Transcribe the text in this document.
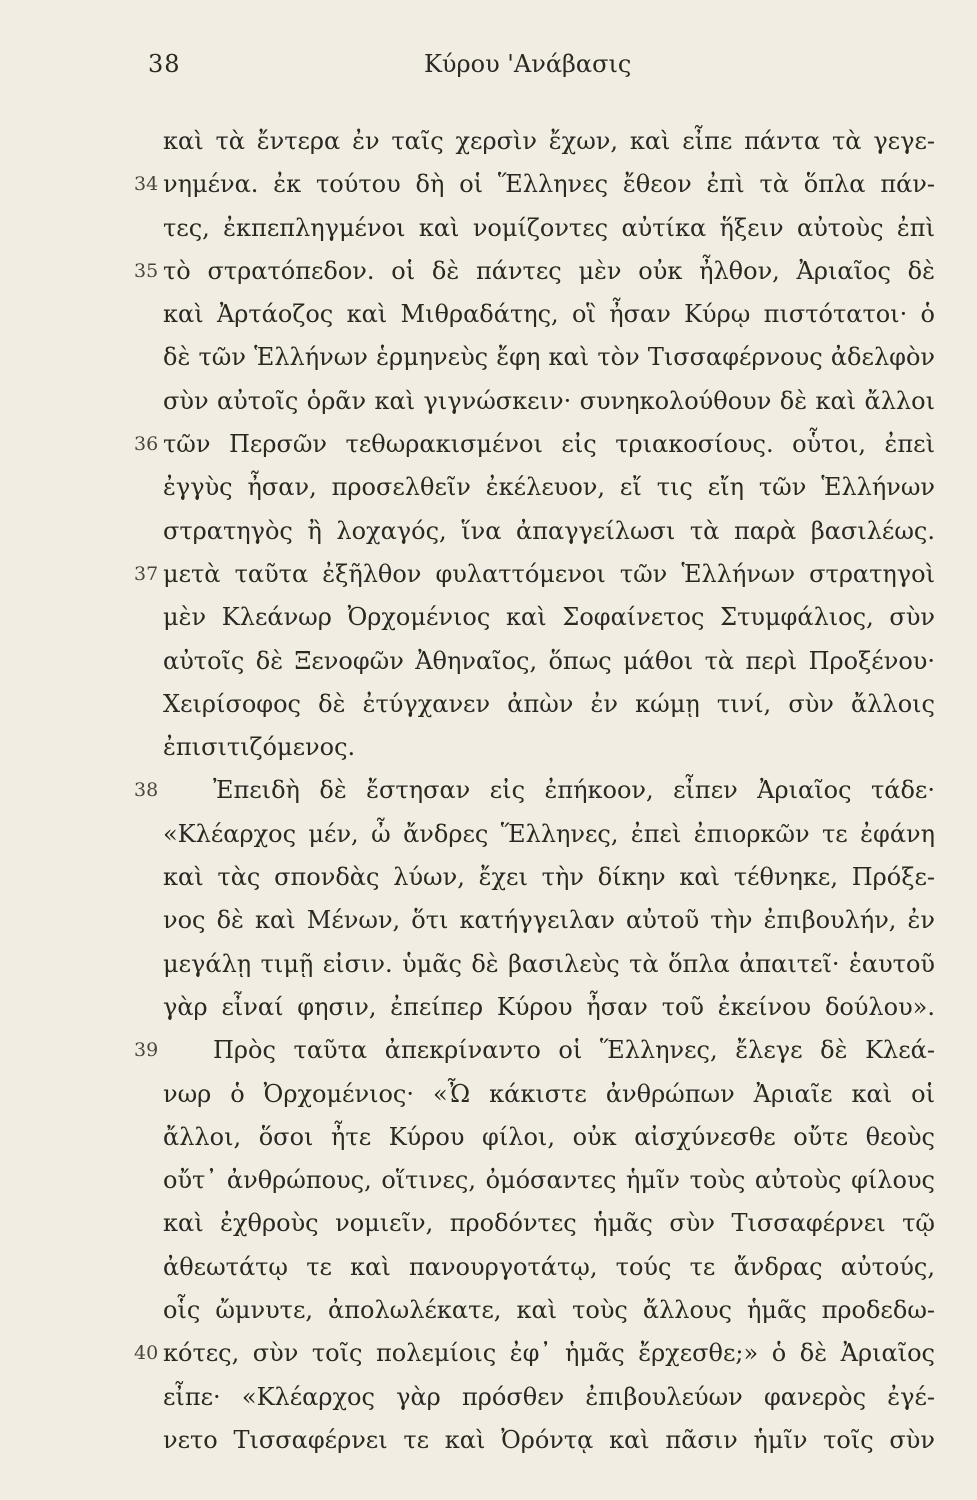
38	Κύρου 'Ανάβασις
καὶ τὰ ἔντερα ἐν ταῖς χερσὶν ἔχων, καὶ εἶπε πάντα τὰ γεγε-
34 νημένα. ἐκ τούτου δὴ οἱ Ἕλληνες ἔθεον ἐπὶ τὰ ὅπλα πάν-
τες, ἐκπεπληγμένοι καὶ νομίζοντες αὐτίκα ἥξειν αὐτοὺς ἐπὶ
35 τὸ στρατόπεδον. οἱ δὲ πάντες μὲν οὐκ ἦλθον, Ἀριαῖος δὲ
καὶ Ἀρτάοζος καὶ Μιθραδάτης, οἳ ἦσαν Κύρῳ πιστότατοι· ὁ
δὲ τῶν Ἑλλήνων ἑρμηνεὺς ἔφη καὶ τὸν Τισσαφέρνους ἀδελφὸν
σὺν αὐτοῖς ὁρᾶν καὶ γιγνώσκειν· συνηκολούθουν δὲ καὶ ἄλλοι
36 τῶν Περσῶν τεθωρακισμένοι εἰς τριακοσίους. οὗτοι, ἐπεὶ
ἐγγὺς ἦσαν, προσελθεῖν ἐκέλευον, εἴ τις εἴη τῶν Ἑλλήνων
στρατηγὸς ἢ λοχαγός, ἵνα ἀπαγγείλωσι τὰ παρὰ βασιλέως.
37 μετὰ ταῦτα ἐξῆλθον φυλαττόμενοι τῶν Ἑλλήνων στρατηγοὶ
μὲν Κλεάνωρ Ὀρχομένιος καὶ Σοφαίνετος Στυμφάλιος, σὺν
αὐτοῖς δὲ Ξενοφῶν Ἀθηναῖος, ὅπως μάθοι τὰ περὶ Προξένου·
Χειρίσοφος δὲ ἐτύγχανεν ἀπὼν ἐν κώμῃ τινί, σὺν ἄλλοις
ἐπισιτιζόμενος.
38 Ἐπειδὴ δὲ ἔστησαν εἰς ἐπήκοον, εἶπεν Ἀριαῖος τάδε·
«Κλέαρχος μέν, ὦ ἄνδρες Ἕλληνες, ἐπεὶ ἐπιορκῶν τε ἐφάνη
καὶ τὰς σπονδὰς λύων, ἔχει τὴν δίκην καὶ τέθνηκε, Πρόξε-
νος δὲ καὶ Μένων, ὅτι κατήγγειλαν αὐτοῦ τὴν ἐπιβουλήν, ἐν
μεγάλῃ τιμῇ εἰσιν. ὑμᾶς δὲ βασιλεὺς τὰ ὅπλα ἀπαιτεῖ· ἑαυτοῦ
γὰρ εἶναί φησιν, ἐπείπερ Κύρου ἦσαν τοῦ ἐκείνου δούλου».
39 Πρὸς ταῦτα ἀπεκρίναντο οἱ Ἕλληνες, ἔλεγε δὲ Κλεά-
νωρ ὁ Ὀρχομένιος· «Ὦ κάκιστε ἀνθρώπων Ἀριαῖε καὶ οἱ
ἄλλοι, ὅσοι ἦτε Κύρου φίλοι, οὐκ αἰσχύνεσθε οὔτε θεοὺς
οὔτ᾽ ἀνθρώπους, οἵτινες, ὀμόσαντες ἡμῖν τοὺς αὐτοὺς φίλους
καὶ ἐχθροὺς νομιεῖν, προδόντες ἡμᾶς σὺν Τισσαφέρνει τῷ
ἀθεωτάτῳ τε καὶ πανουργοτάτῳ, τούς τε ἄνδρας αὐτούς,
οἷς ὤμνυτε, ἀπολωλέκατε, καὶ τοὺς ἄλλους ἡμᾶς προδεδω-
40 κότες, σὺν τοῖς πολεμίοις ἐφ᾽ ἡμᾶς ἔρχεσθε;» ὁ δὲ Ἀριαῖος
εἶπε· «Κλέαρχος γὰρ πρόσθεν ἐπιβουλεύων φανερὸς ἐγέ-
νετο Τισσαφέρνει τε καὶ Ὀρόντᾳ καὶ πᾶσιν ἡμῖν τοῖς σὺν
